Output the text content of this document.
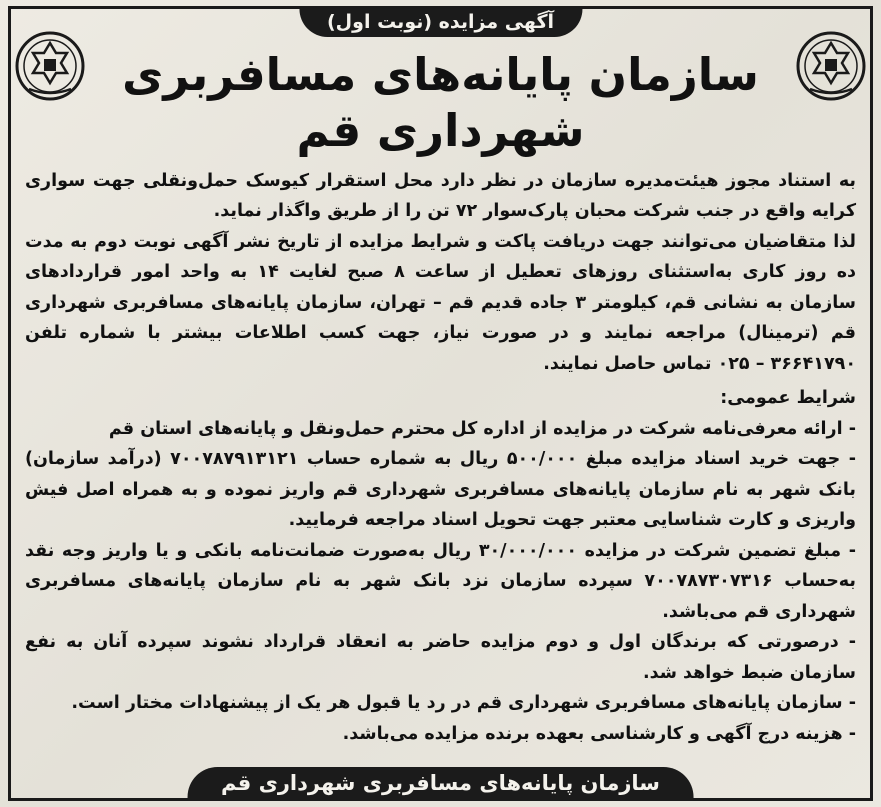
آگهی مزایده (نوبت اول)
سازمان پایانه‌های مسافربری شهرداری قم

به استناد مجوز هیئت‌مدیره سازمان در نظر دارد محل استقرار کیوسک حمل‌ونقلی جهت سواری کرایه واقع در جنب شرکت محبان پارک‌سوار ۷۲ تن را از طریق واگذار نماید.

لذا متقاضیان می‌توانند جهت دریافت پاکت و شرایط مزایده از تاریخ نشر آگهی نوبت دوم به مدت ده روز کاری به‌استثنای روزهای تعطیل از ساعت ۸ صبح لغایت ۱۴ به واحد امور قراردادهای سازمان به نشانی قم، کیلومتر ۳ جاده قدیم قم – تهران، سازمان پایانه‌های مسافربری شهرداری قم (ترمینال) مراجعه نمایند و در صورت نیاز، جهت کسب اطلاعات بیشتر با شماره تلفن ۳۶۶۴۱۷۹۰ – ۰۲۵ تماس حاصل نمایند.

شرایط عمومی:

- ارائه معرفی‌نامه شرکت در مزایده از اداره کل محترم حمل‌ونقل و پایانه‌های استان قم

- جهت خرید اسناد مزایده مبلغ ۵۰۰/۰۰۰ ریال به شماره حساب ۷۰۰۷۸۷۹۱۳۱۲۱ (درآمد سازمان) بانک شهر به نام سازمان پایانه‌های مسافربری شهرداری قم واریز نموده و به همراه اصل فیش واریزی و کارت شناسایی معتبر جهت تحویل اسناد مراجعه فرمایید.

- مبلغ تضمین شرکت در مزایده ۳۰/۰۰۰/۰۰۰ ریال به‌صورت ضمانت‌نامه بانکی و یا واریز وجه نقد به‌حساب ۷۰۰۷۸۷۳۰۷۳۱۶ سپرده سازمان نزد بانک شهر به نام سازمان پایانه‌های مسافربری شهرداری قم می‌باشد.

- درصورتی که برندگان اول و دوم مزایده حاضر به انعقاد قرارداد نشوند سپرده آنان به نفع سازمان ضبط خواهد شد.

- سازمان پایانه‌های مسافربری شهرداری قم در رد یا قبول هر یک از پیشنهادات مختار است.

- هزینه درج آگهی و کارشناسی بعهده برنده مزایده می‌باشد.

سازمان پایانه‌های مسافربری شهرداری قم
